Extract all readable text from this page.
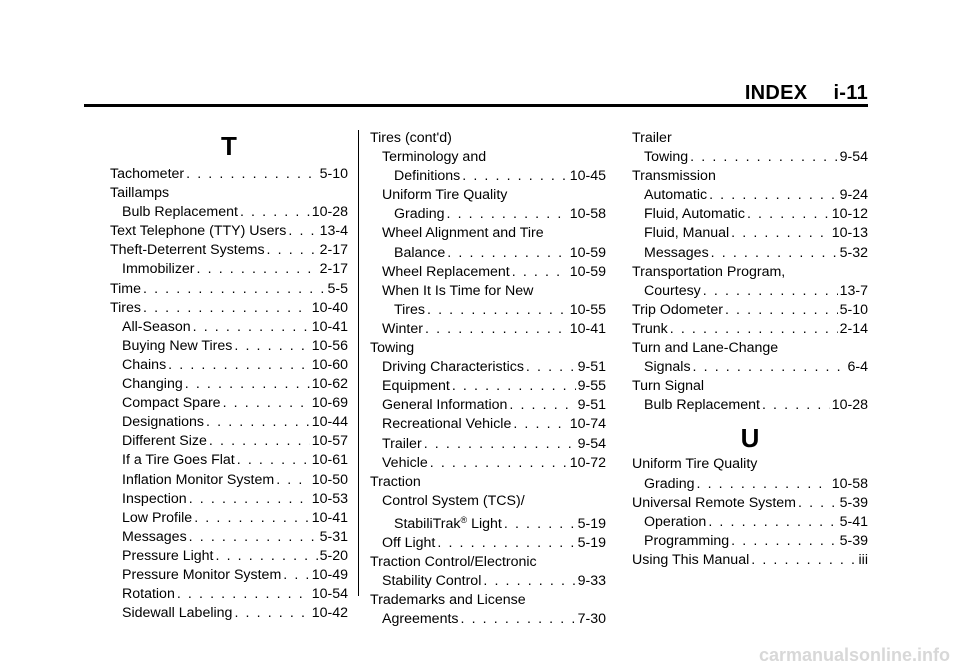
INDEX i-11
T
Tachometer . . .	5-10
Taillamps
Bulb Replacement . . .	10-28
Text Telephone (TTY) Users . . . 13-4
Theft-Deterrent Systems . . .	2-17
Immobilizer . . .	2-17
Time . . .	5-5
Tires . . .	10-40
All-Season . . .	10-41
Buying New Tires . . .	10-56
Chains . . .	10-60
Changing . . .	10-62
Compact Spare . . .	10-69
Designations . . .	10-44
Different Size . . .	10-57
If a Tire Goes Flat . . .	10-61
Inflation Monitor System . . .	10-50
Inspection . . .	10-53
Low Profile . . .	10-41
Messages . . .	5-31
Pressure Light . . .	5-20
Pressure Monitor System . . . 10-49
Rotation . . .	10-54
Sidewall Labeling . . .	10-42
Tires (cont'd)
Terminology and
Definitions . . .	10-45
Uniform Tire Quality
Grading . . .	10-58
Wheel Alignment and Tire
Balance . . .	10-59
Wheel Replacement . . .	10-59
When It Is Time for New
Tires . . .	10-55
Winter . . .	10-41
Towing
Driving Characteristics . . .	9-51
Equipment . . .	9-55
General Information . . .	9-51
Recreational Vehicle . . .	10-74
Trailer . . .	9-54
Vehicle . . .	10-72
Traction
Control System (TCS)/
StabiliTrak® Light . . .	5-19
Off Light . . .	5-19
Traction Control/Electronic
Stability Control . . .	9-33
Trademarks and License
Agreements . . .	7-30
Trailer
Towing . . .	9-54
Transmission
Automatic . . .	9-24
Fluid, Automatic . . .	10-12
Fluid, Manual . . .	10-13
Messages . . .	5-32
Transportation Program,
Courtesy . . .	13-7
Trip Odometer . . .	5-10
Trunk . . .	2-14
Turn and Lane-Change
Signals . . .	6-4
Turn Signal
Bulb Replacement . . .	10-28
U
Uniform Tire Quality
Grading . . .	10-58
Universal Remote System . . .	5-39
Operation . . .	5-41
Programming . . .	5-39
Using This Manual . . .	iii
carmanualsonline.info
